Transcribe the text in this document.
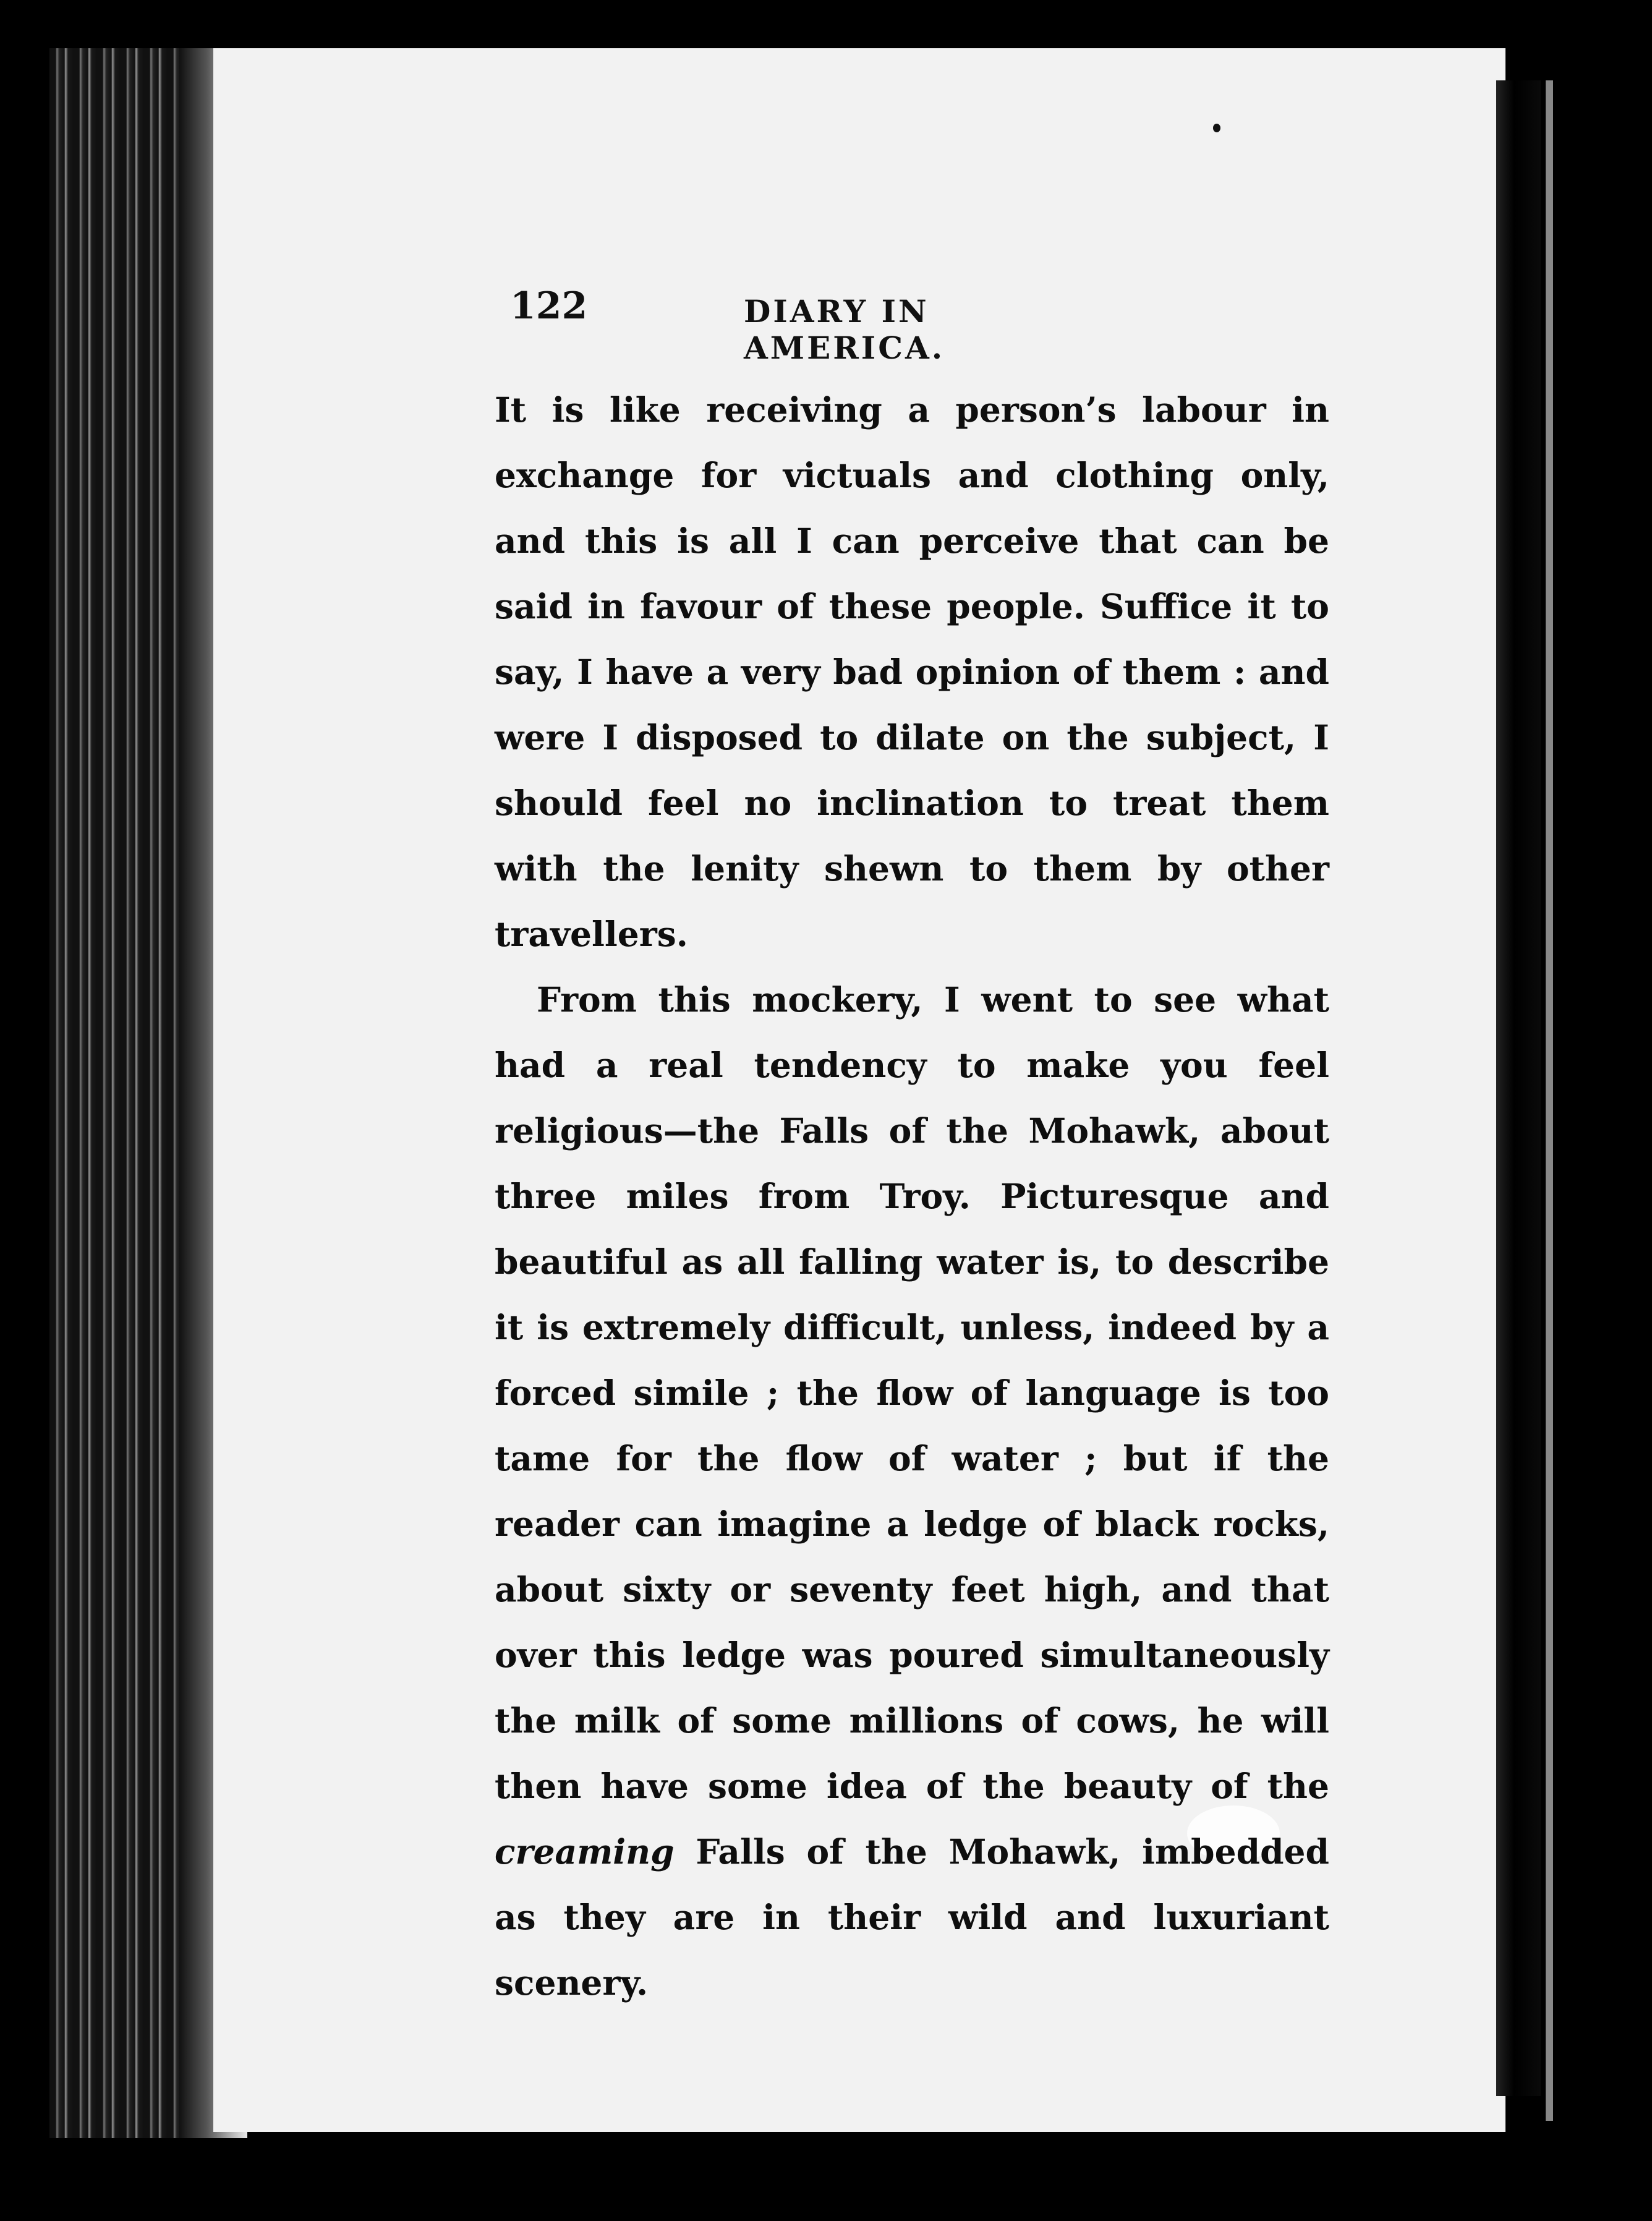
122	DIARY IN AMERICA.

It is like receiving a person’s labour in exchange for victuals and clothing only, and this is all I can perceive that can be said in favour of these people. Suffice it to say, I have a very bad opinion of them : and were I disposed to dilate on the subject, I should feel no inclination to treat them with the lenity shewn to them by other travellers.

From this mockery, I went to see what had a real tendency to make you feel religious—the Falls of the Mohawk, about three miles from Troy. Picturesque and beautiful as all falling water is, to describe it is extremely difficult, unless, indeed by a forced simile ; the flow of language is too tame for the flow of water ; but if the reader can imagine a ledge of black rocks, about sixty or seventy feet high, and that over this ledge was poured simultaneously the milk of some millions of cows, he will then have some idea of the beauty of the creaming Falls of the Mohawk, imbedded as they are in their wild and luxuriant scenery.
